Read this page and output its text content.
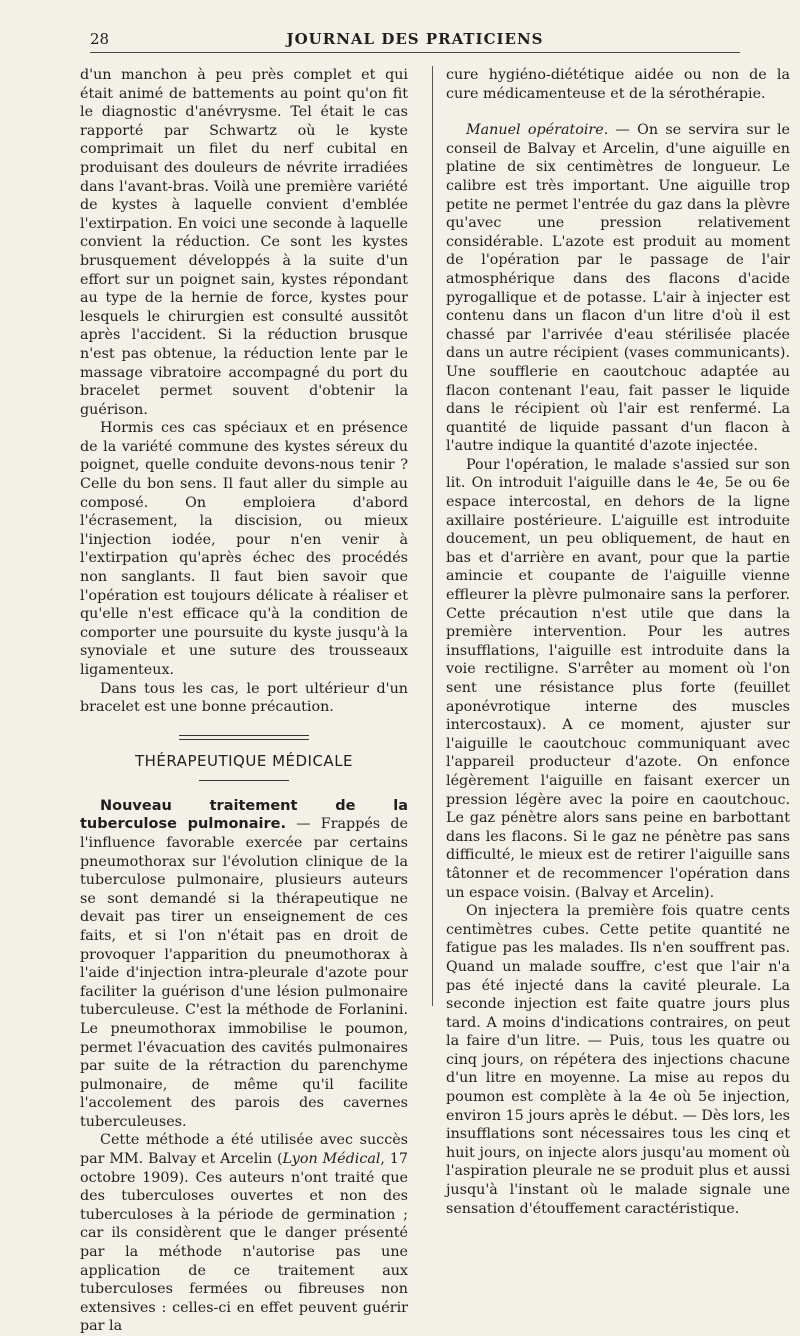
28	JOURNAL DES PRATICIENS

d'un manchon à peu près complet et qui était animé de battements au point qu'on fit le diagnostic d'anévrysme. Tel était le cas rapporté par Schwartz où le kyste comprimait un filet du nerf cubital en produisant des douleurs de névrite irradiées dans l'avant-bras. Voilà une première variété de kystes à laquelle convient d'emblée l'extirpation. En voici une seconde à laquelle convient la réduction. Ce sont les kystes brusquement développés à la suite d'un effort sur un poignet sain, kystes répondant au type de la hernie de force, kystes pour lesquels le chirurgien est consulté aussitôt après l'accident. Si la réduction brusque n'est pas obtenue, la réduction lente par le massage vibratoire accompagné du port du bracelet permet souvent d'obtenir la guérison.

Hormis ces cas spéciaux et en présence de la variété commune des kystes séreux du poignet, quelle conduite devons-nous tenir ? Celle du bon sens. Il faut aller du simple au composé. On emploiera d'abord l'écrasement, la discision, ou mieux l'injection iodée, pour n'en venir à l'extirpation qu'après échec des procédés non sanglants. Il faut bien savoir que l'opération est toujours délicate à réaliser et qu'elle n'est efficace qu'à la condition de comporter une poursuite du kyste jusqu'à la synoviale et une suture des trousseaux ligamenteux.

Dans tous les cas, le port ultérieur d'un bracelet est une bonne précaution.

THÉRAPEUTIQUE MÉDICALE

Nouveau traitement de la tuberculose pulmonaire. — Frappés de l'influence favorable exercée par certains pneumothorax sur l'évolution clinique de la tuberculose pulmonaire, plusieurs auteurs se sont demandé si la thérapeutique ne devait pas tirer un enseignement de ces faits, et si l'on n'était pas en droit de provoquer l'apparition du pneumothorax à l'aide d'injection intra-pleurale d'azote pour faciliter la guérison d'une lésion pulmonaire tuberculeuse. C'est la méthode de Forlanini. Le pneumothorax immobilise le poumon, permet l'évacuation des cavités pulmonaires par suite de la rétraction du parenchyme pulmonaire, de même qu'il facilite l'accolement des parois des cavernes tuberculeuses.

Cette méthode a été utilisée avec succès par MM. Balvay et Arcelin (Lyon Médical, 17 octobre 1909). Ces auteurs n'ont traité que des tuberculoses ouvertes et non des tuberculoses à la période de germination ; car ils considèrent que le danger présenté par la méthode n'autorise pas une application de ce traitement aux tuberculoses fermées ou fibreuses non extensives : celles-ci en effet peuvent guérir par la

cure hygiéno-diététique aidée ou non de la cure médicamenteuse et de la sérothérapie.

Manuel opératoire. — On se servira sur le conseil de Balvay et Arcelin, d'une aiguille en platine de six centimètres de longueur. Le calibre est très important. Une aiguille trop petite ne permet l'entrée du gaz dans la plèvre qu'avec une pression relativement considérable. L'azote est produit au moment de l'opération par le passage de l'air atmosphérique dans des flacons d'acide pyrogallique et de potasse. L'air à injecter est contenu dans un flacon d'un litre d'où il est chassé par l'arrivée d'eau stérilisée placée dans un autre récipient (vases communicants). Une soufflerie en caoutchouc adaptée au flacon contenant l'eau, fait passer le liquide dans le récipient où l'air est renfermé. La quantité de liquide passant d'un flacon à l'autre indique la quantité d'azote injectée.

Pour l'opération, le malade s'assied sur son lit. On introduit l'aiguille dans le 4e, 5e ou 6e espace intercostal, en dehors de la ligne axillaire postérieure. L'aiguille est introduite doucement, un peu obliquement, de haut en bas et d'arrière en avant, pour que la partie amincie et coupante de l'aiguille vienne effleurer la plèvre pulmonaire sans la perforer. Cette précaution n'est utile que dans la première intervention. Pour les autres insufflations, l'aiguille est introduite dans la voie rectiligne. S'arrêter au moment où l'on sent une résistance plus forte (feuillet aponévrotique interne des muscles intercostaux). A ce moment, ajuster sur l'aiguille le caoutchouc communiquant avec l'appareil producteur d'azote. On enfonce légèrement l'aiguille en faisant exercer un pression légère avec la poire en caoutchouc. Le gaz pénètre alors sans peine en barbottant dans les flacons. Si le gaz ne pénètre pas sans difficulté, le mieux est de retirer l'aiguille sans tâtonner et de recommencer l'opération dans un espace voisin. (Balvay et Arcelin).

On injectera la première fois quatre cents centimètres cubes. Cette petite quantité ne fatigue pas les malades. Ils n'en souffrent pas. Quand un malade souffre, c'est que l'air n'a pas été injecté dans la cavité pleurale. La seconde injection est faite quatre jours plus tard. A moins d'indications contraires, on peut la faire d'un litre. — Puis, tous les quatre ou cinq jours, on répétera des injections chacune d'un litre en moyenne. La mise au repos du poumon est complète à la 4e où 5e injection, environ 15 jours après le début. — Dès lors, les insufflations sont nécessaires tous les cinq et huit jours, on injecte alors jusqu'au moment où l'aspiration pleurale ne se produit plus et aussi jusqu'à l'instant où le malade signale une sensation d'étouffement caractéristique.
